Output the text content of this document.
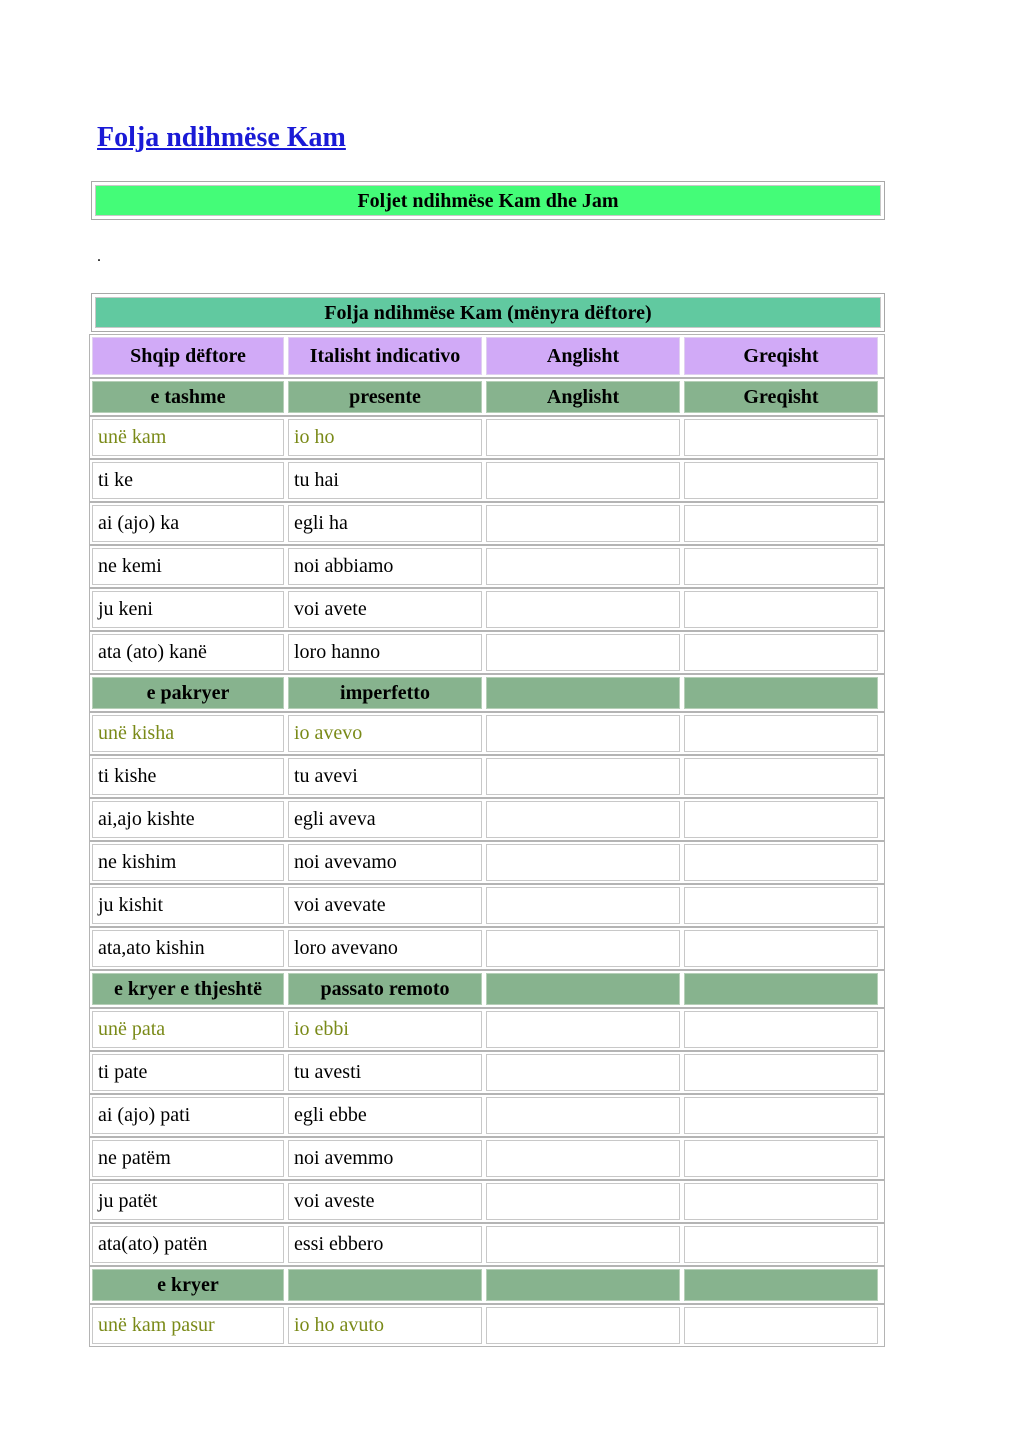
Folja ndihmëse Kam
Foljet ndihmëse Kam dhe Jam
.
Folja ndihmëse Kam (mënyra dëftore)
Shqip dëftore	Italisht indicativo	Anglisht	Greqisht
e tashme	presente	Anglisht	Greqisht
unë kam	io ho
ti ke	tu hai
ai (ajo) ka	egli ha
ne kemi	noi abbiamo
ju keni	voi avete
ata (ato) kanë	loro hanno
e pakryer	imperfetto
unë kisha	io avevo
ti kishe	tu avevi
ai,ajo kishte	egli aveva
ne kishim	noi avevamo
ju kishit	voi avevate
ata,ato kishin	loro avevano
e kryer e thjeshtë	passato remoto
unë pata	io ebbi
ti pate	tu avesti
ai (ajo) pati	egli ebbe
ne patëm	noi avemmo
ju patët	voi aveste
ata(ato) patën	essi ebbero
e kryer
unë kam pasur	io ho avuto
